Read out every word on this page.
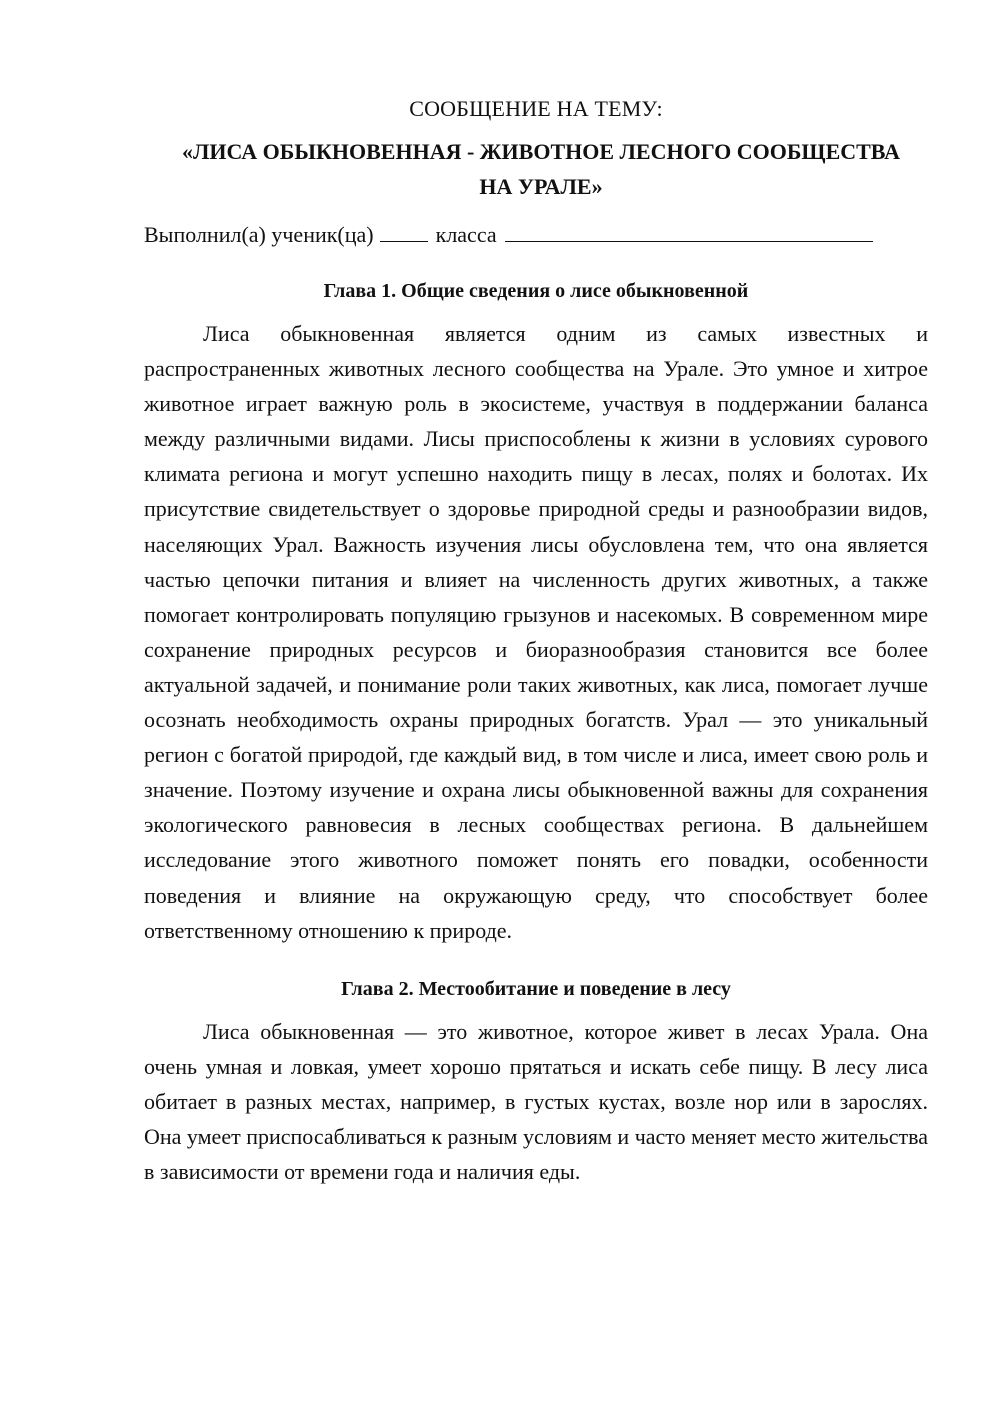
СООБЩЕНИЕ НА ТЕМУ:

«ЛИСА ОБЫКНОВЕННАЯ - ЖИВОТНОЕ ЛЕСНОГО СООБЩЕСТВА
НА УРАЛЕ»
Выполнил(а) ученик(ца)	класса
Глава 1. Общие сведения о лисе обыкновенной

Лиса обыкновенная является одним из самых известных и распространенных животных лесного сообщества на Урале. Это умное и хитрое животное играет важную роль в экосистеме, участвуя в поддержании баланса между различными видами. Лисы приспособлены к жизни в условиях сурового климата региона и могут успешно находить пищу в лесах, полях и болотах. Их присутствие свидетельствует о здоровье природной среды и разнообразии видов, населяющих Урал. Важность изучения лисы обусловлена тем, что она является частью цепочки питания и влияет на численность других животных, а также помогает контролировать популяцию грызунов и насекомых. В современном мире сохранение природных ресурсов и биоразнообразия становится все более актуальной задачей, и понимание роли таких животных, как лиса, помогает лучше осознать необходимость охраны природных богатств. Урал — это уникальный регион с богатой природой, где каждый вид, в том числе и лиса, имеет свою роль и значение. Поэтому изучение и охрана лисы обыкновенной важны для сохранения экологического равновесия в лесных сообществах региона. В дальнейшем исследование этого животного поможет понять его повадки, особенности поведения и влияние на окружающую среду, что способствует более ответственному отношению к природе.

Глава 2. Местообитание и поведение в лесу

Лиса обыкновенная — это животное, которое живет в лесах Урала. Она очень умная и ловкая, умеет хорошо прятаться и искать себе пищу. В лесу лиса обитает в разных местах, например, в густых кустах, возле нор или в зарослях. Она умеет приспосабливаться к разным условиям и часто меняет место жительства в зависимости от времени года и наличия еды.
